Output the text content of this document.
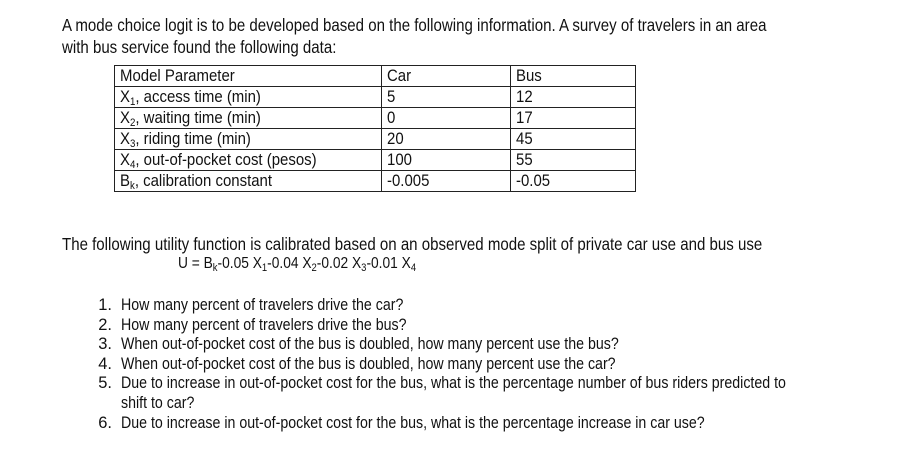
A mode choice logit is to be developed based on the following information. A survey of travelers in an area
with bus service found the following data:
Model Parameter	Car	Bus
$X_1$, access time (min)	5	12
$X_2$, waiting time (min)	0	17
$X_3$, riding time (min)	20	45
$X_4$, out-of-pocket cost (pesos)	100	55
$B_k$, calibration constant	-0.005	-0.05
The following utility function is calibrated based on an observed mode split of private car use and bus use
$U = B_k-0.05$ $X_1-0.04$ $X_2-0.02$ $X_3-0.01$ $X_4$
1. How many percent of travelers drive the car?
2. How many percent of travelers drive the bus?
3. When out-of-pocket cost of the bus is doubled, how many percent use the bus?
4. When out-of-pocket cost of the bus is doubled, how many percent use the car?
5. Due to increase in out-of-pocket cost for the bus, what is the percentage number of bus riders predicted to
shift to car?
6. Due to increase in out-of-pocket cost for the bus, what is the percentage increase in car use?
